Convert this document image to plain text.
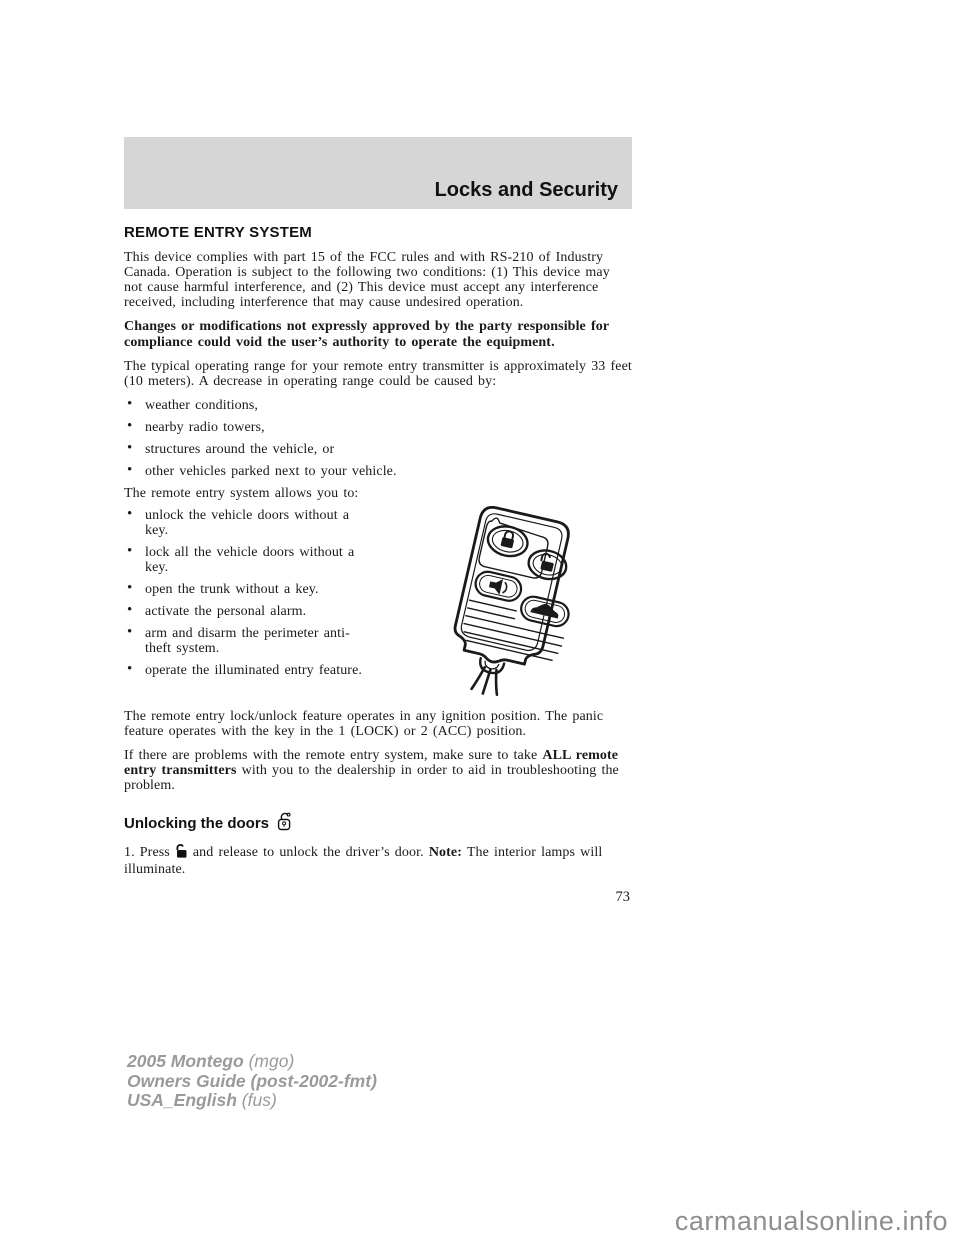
Locks and Security
REMOTE ENTRY SYSTEM

This device complies with part 15 of the FCC rules and with RS-210 of Industry Canada. Operation is subject to the following two conditions: (1) This device may not cause harmful interference, and (2) This device must accept any interference received, including interference that may cause undesired operation.

Changes or modifications not expressly approved by the party responsible for compliance could void the user’s authority to operate the equipment.

The typical operating range for your remote entry transmitter is approximately 33 feet (10 meters). A decrease in operating range could be caused by:

• weather conditions,
• nearby radio towers,
• structures around the vehicle, or
• other vehicles parked next to your vehicle.

The remote entry system allows you to:

• unlock the vehicle doors without a key.
• lock all the vehicle doors without a key.
• open the trunk without a key.
• activate the personal alarm.
• arm and disarm the perimeter anti-theft system.
• operate the illuminated entry feature.

The remote entry lock/unlock feature operates in any ignition position. The panic feature operates with the key in the 1 (LOCK) or 2 (ACC) position.

If there are problems with the remote entry system, make sure to take ALL remote entry transmitters with you to the dealership in order to aid in troubleshooting the problem.

Unlocking the doors

1. Press and release to unlock the driver’s door. Note: The interior lamps will illuminate.

73
2005 Montego (mgo)
Owners Guide (post-2002-fmt)
USA_English (fus)
carmanualsonline.info
